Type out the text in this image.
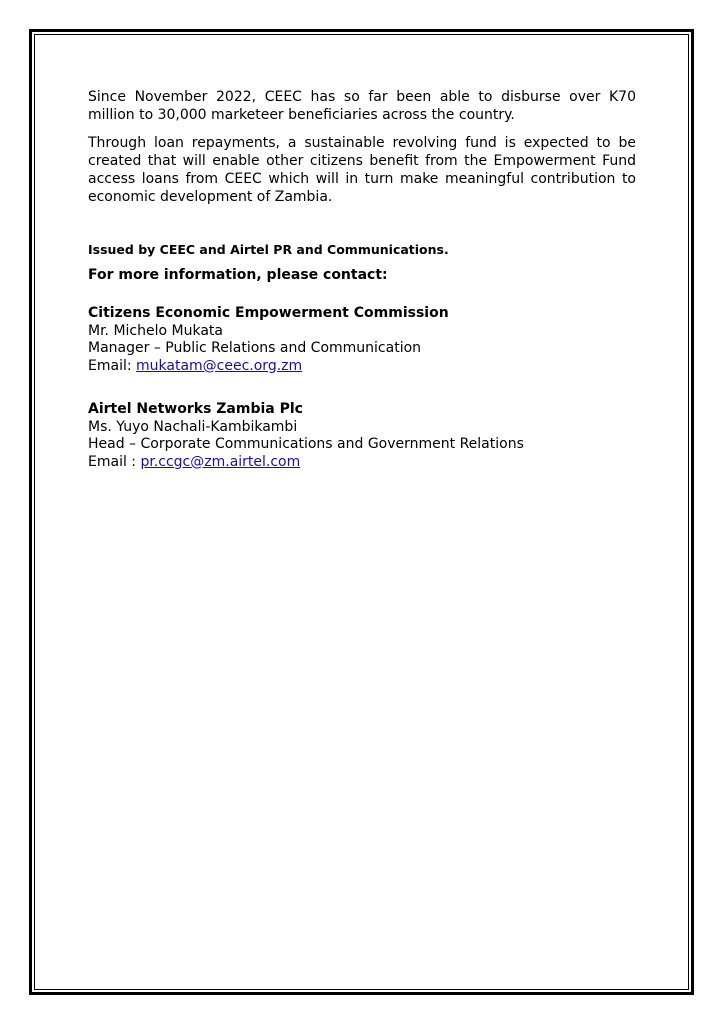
Since November 2022, CEEC has so far been able to disburse over K70 million to 30,000 marketeer beneficiaries across the country.

Through loan repayments, a sustainable revolving fund is expected to be created that will enable other citizens benefit from the Empowerment Fund access loans from CEEC which will in turn make meaningful contribution to economic development of Zambia.

Issued by CEEC and Airtel PR and Communications.
For more information, please contact:
Citizens Economic Empowerment Commission
Mr. Michelo Mukata
Manager – Public Relations and Communication
Email: mukatam@ceec.org.zm
Airtel Networks Zambia Plc
Ms. Yuyo Nachali-Kambikambi
Head – Corporate Communications and Government Relations
Email : pr.ccgc@zm.airtel.com
